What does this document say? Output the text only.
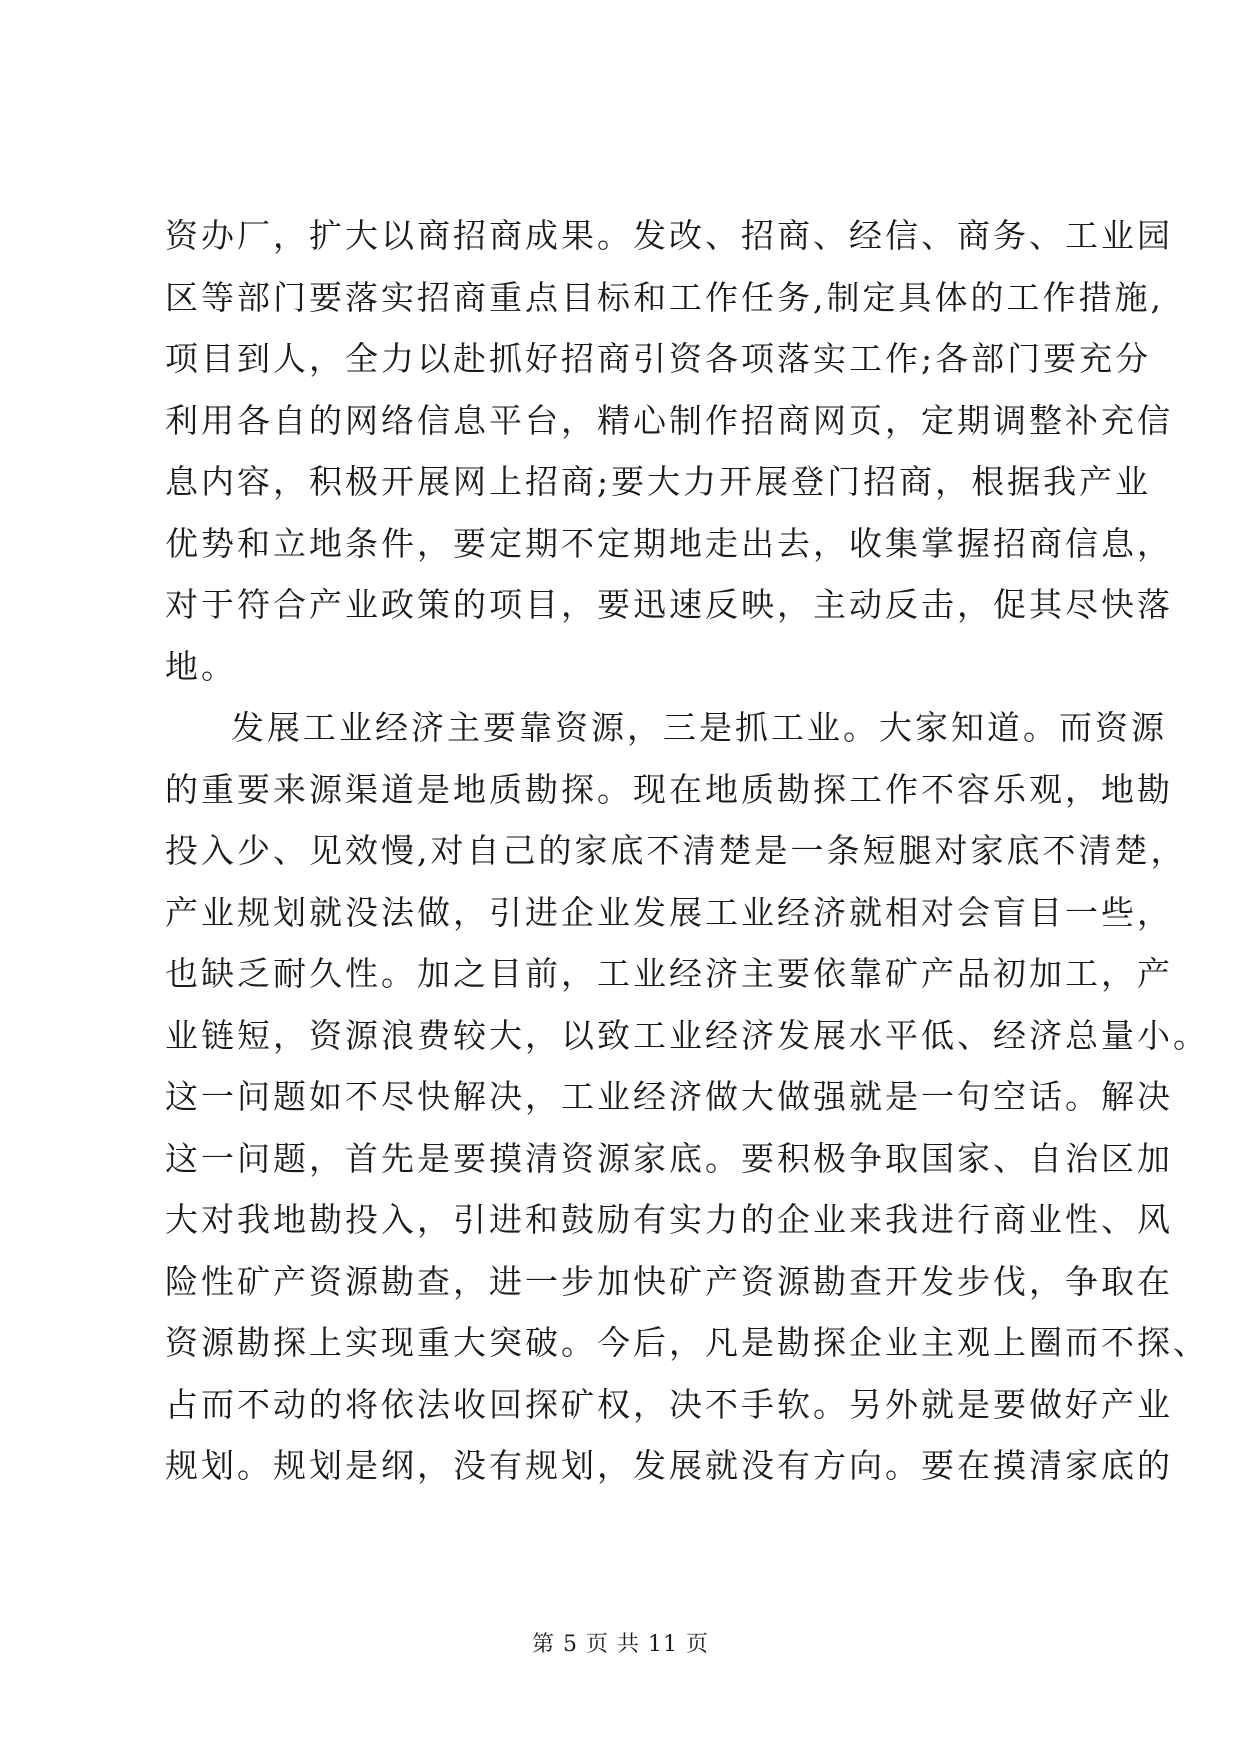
资办厂，扩大以商招商成果。发改、招商、经信、商务、工业园
区等部门要落实招商重点目标和工作任务,制定具体的工作措施,
项目到人，全力以赴抓好招商引资各项落实工作;各部门要充分
利用各自的网络信息平台，精心制作招商网页，定期调整补充信
息内容，积极开展网上招商;要大力开展登门招商，根据我产业
优势和立地条件，要定期不定期地走出去，收集掌握招商信息，
对于符合产业政策的项目，要迅速反映，主动反击，促其尽快落
地。
发展工业经济主要靠资源，三是抓工业。大家知道。而资源
的重要来源渠道是地质勘探。现在地质勘探工作不容乐观，地勘
投入少、见效慢,对自己的家底不清楚是一条短腿对家底不清楚，
产业规划就没法做，引进企业发展工业经济就相对会盲目一些，
也缺乏耐久性。加之目前，工业经济主要依靠矿产品初加工，产
业链短，资源浪费较大，以致工业经济发展水平低、经济总量小。
这一问题如不尽快解决，工业经济做大做强就是一句空话。解决
这一问题，首先是要摸清资源家底。要积极争取国家、自治区加
大对我地勘投入，引进和鼓励有实力的企业来我进行商业性、风
险性矿产资源勘查，进一步加快矿产资源勘查开发步伐，争取在
资源勘探上实现重大突破。今后，凡是勘探企业主观上圈而不探、
占而不动的将依法收回探矿权，决不手软。另外就是要做好产业
规划。规划是纲，没有规划，发展就没有方向。要在摸清家底的
第 5 页 共 11 页
